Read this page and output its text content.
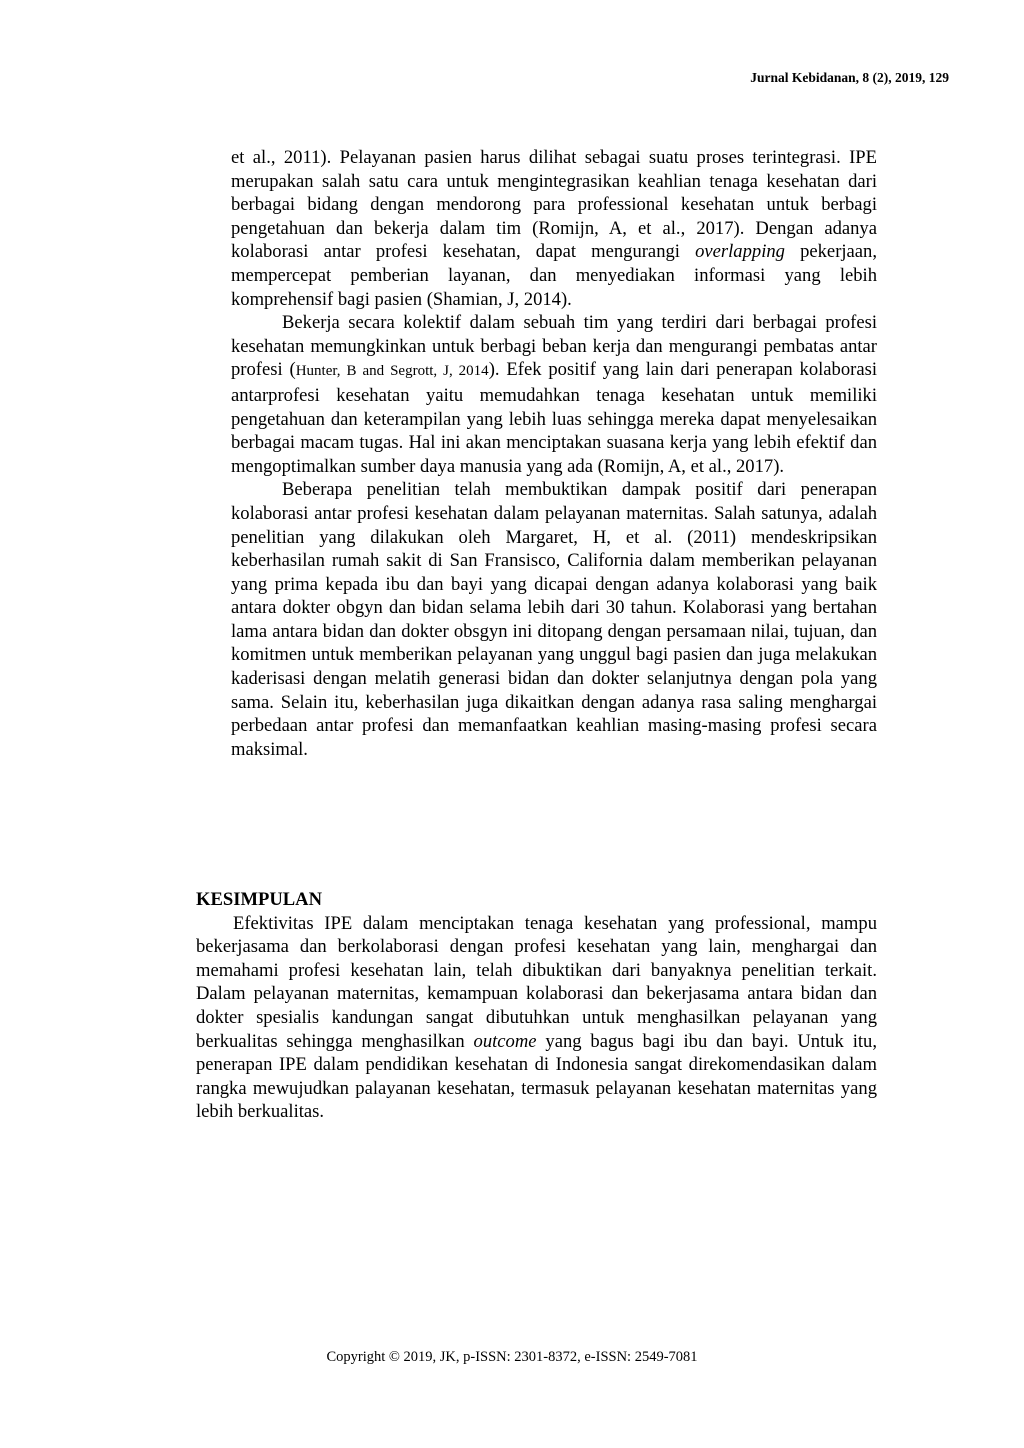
Jurnal Kebidanan, 8 (2), 2019, 129

et al., 2011). Pelayanan pasien harus dilihat sebagai suatu proses terintegrasi. IPE merupakan salah satu cara untuk mengintegrasikan keahlian tenaga kesehatan dari berbagai bidang dengan mendorong para professional kesehatan untuk berbagi pengetahuan dan bekerja dalam tim (Romijn, A, et al., 2017). Dengan adanya kolaborasi antar profesi kesehatan, dapat mengurangi overlapping pekerjaan, mempercepat pemberian layanan, dan menyediakan informasi yang lebih komprehensif bagi pasien (Shamian, J, 2014).

Bekerja secara kolektif dalam sebuah tim yang terdiri dari berbagai profesi kesehatan memungkinkan untuk berbagi beban kerja dan mengurangi pembatas antar profesi (Hunter, B and Segrott, J, 2014). Efek positif yang lain dari penerapan kolaborasi antarprofesi kesehatan yaitu memudahkan tenaga kesehatan untuk memiliki pengetahuan dan keterampilan yang lebih luas sehingga mereka dapat menyelesaikan berbagai macam tugas. Hal ini akan menciptakan suasana kerja yang lebih efektif dan mengoptimalkan sumber daya manusia yang ada (Romijn, A, et al., 2017).

Beberapa penelitian telah membuktikan dampak positif dari penerapan kolaborasi antar profesi kesehatan dalam pelayanan maternitas. Salah satunya, adalah penelitian yang dilakukan oleh Margaret, H, et al. (2011) mendeskripsikan keberhasilan rumah sakit di San Fransisco, California dalam memberikan pelayanan yang prima kepada ibu dan bayi yang dicapai dengan adanya kolaborasi yang baik antara dokter obgyn dan bidan selama lebih dari 30 tahun. Kolaborasi yang bertahan lama antara bidan dan dokter obsgyn ini ditopang dengan persamaan nilai, tujuan, dan komitmen untuk memberikan pelayanan yang unggul bagi pasien dan juga melakukan kaderisasi dengan melatih generasi bidan dan dokter selanjutnya dengan pola yang sama. Selain itu, keberhasilan juga dikaitkan dengan adanya rasa saling menghargai perbedaan antar profesi dan memanfaatkan keahlian masing-masing profesi secara maksimal.

KESIMPULAN

Efektivitas IPE dalam menciptakan tenaga kesehatan yang professional, mampu bekerjasama dan berkolaborasi dengan profesi kesehatan yang lain, menghargai dan memahami profesi kesehatan lain, telah dibuktikan dari banyaknya penelitian terkait. Dalam pelayanan maternitas, kemampuan kolaborasi dan bekerjasama antara bidan dan dokter spesialis kandungan sangat dibutuhkan untuk menghasilkan pelayanan yang berkualitas sehingga menghasilkan outcome yang bagus bagi ibu dan bayi. Untuk itu, penerapan IPE dalam pendidikan kesehatan di Indonesia sangat direkomendasikan dalam rangka mewujudkan palayanan kesehatan, termasuk pelayanan kesehatan maternitas yang lebih berkualitas.

Copyright © 2019, JK, p-ISSN: 2301-8372, e-ISSN: 2549-7081
